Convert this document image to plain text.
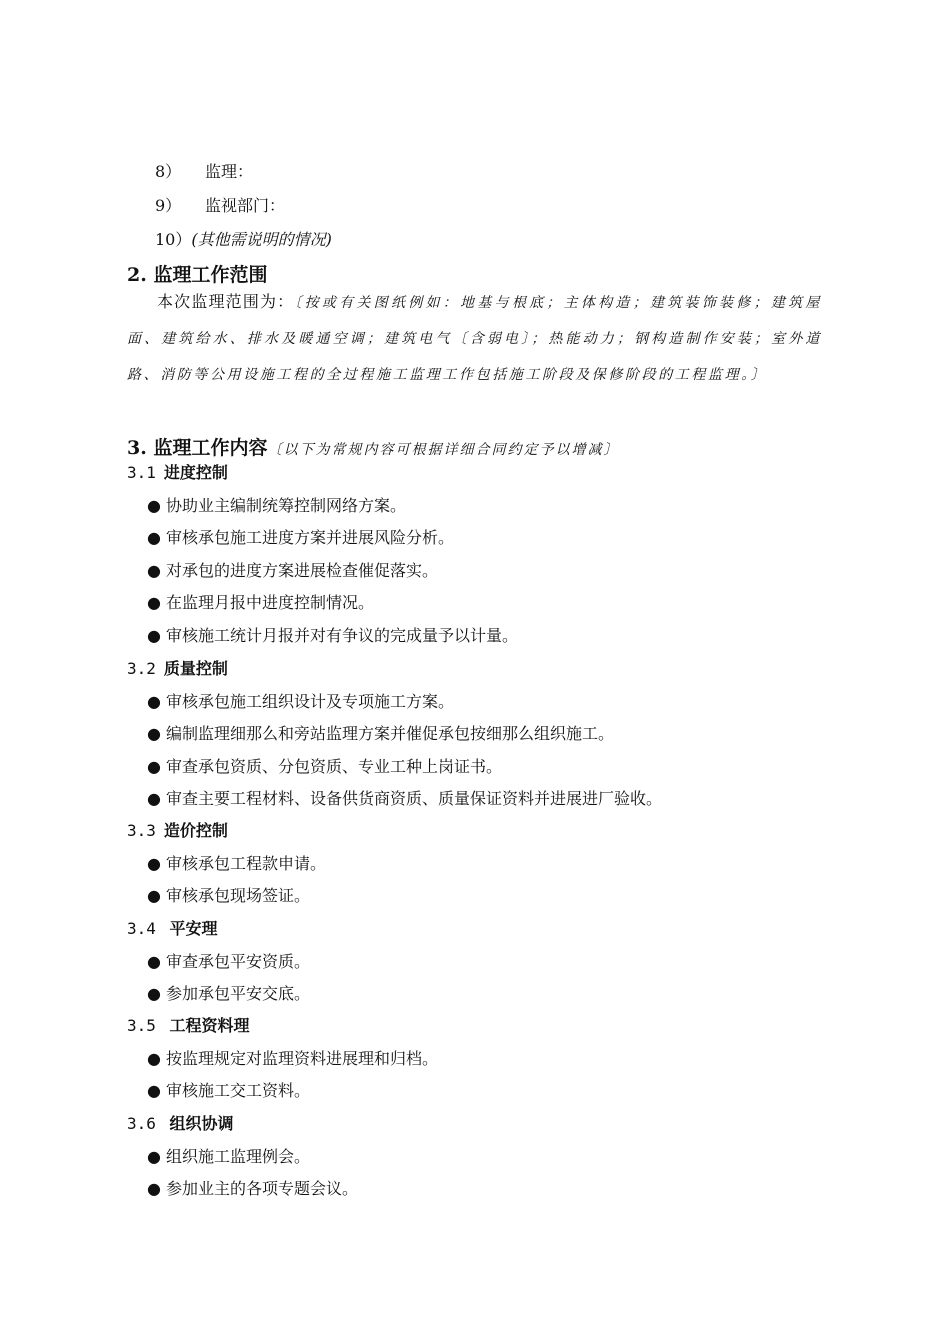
8） 监理：
9） 监视部门：
10）(其他需说明的情况)
2. 监理工作范围
本次监理范围为：〔按或有关图纸例如：地基与根底；主体构造；建筑装饰装修；建筑屋面、建筑给水、排水及暖通空调；建筑电气〔含弱电〕；热能动力；钢构造制作安装；室外道路、消防等公用设施工程的全过程施工监理工作包括施工阶段及保修阶段的工程监理。〕
3. 监理工作内容〔以下为常规内容可根据详细合同约定予以增减〕
3.1 进度控制
● 协助业主编制统筹控制网络方案。
● 审核承包施工进度方案并进展风险分析。
● 对承包的进度方案进展检查催促落实。
● 在监理月报中进度控制情况。
● 审核施工统计月报并对有争议的完成量予以计量。
3.2 质量控制
● 审核承包施工组织设计及专项施工方案。
● 编制监理细那么和旁站监理方案并催促承包按细那么组织施工。
● 审查承包资质、分包资质、专业工种上岗证书。
● 审查主要工程材料、设备供货商资质、质量保证资料并进展进厂验收。
3.3 造价控制
● 审核承包工程款申请。
● 审核承包现场签证。
3.4 平安理
● 审查承包平安资质。
● 参加承包平安交底。
3.5 工程资料理
● 按监理规定对监理资料进展理和归档。
● 审核施工交工资料。
3.6 组织协调
● 组织施工监理例会。
● 参加业主的各项专题会议。
